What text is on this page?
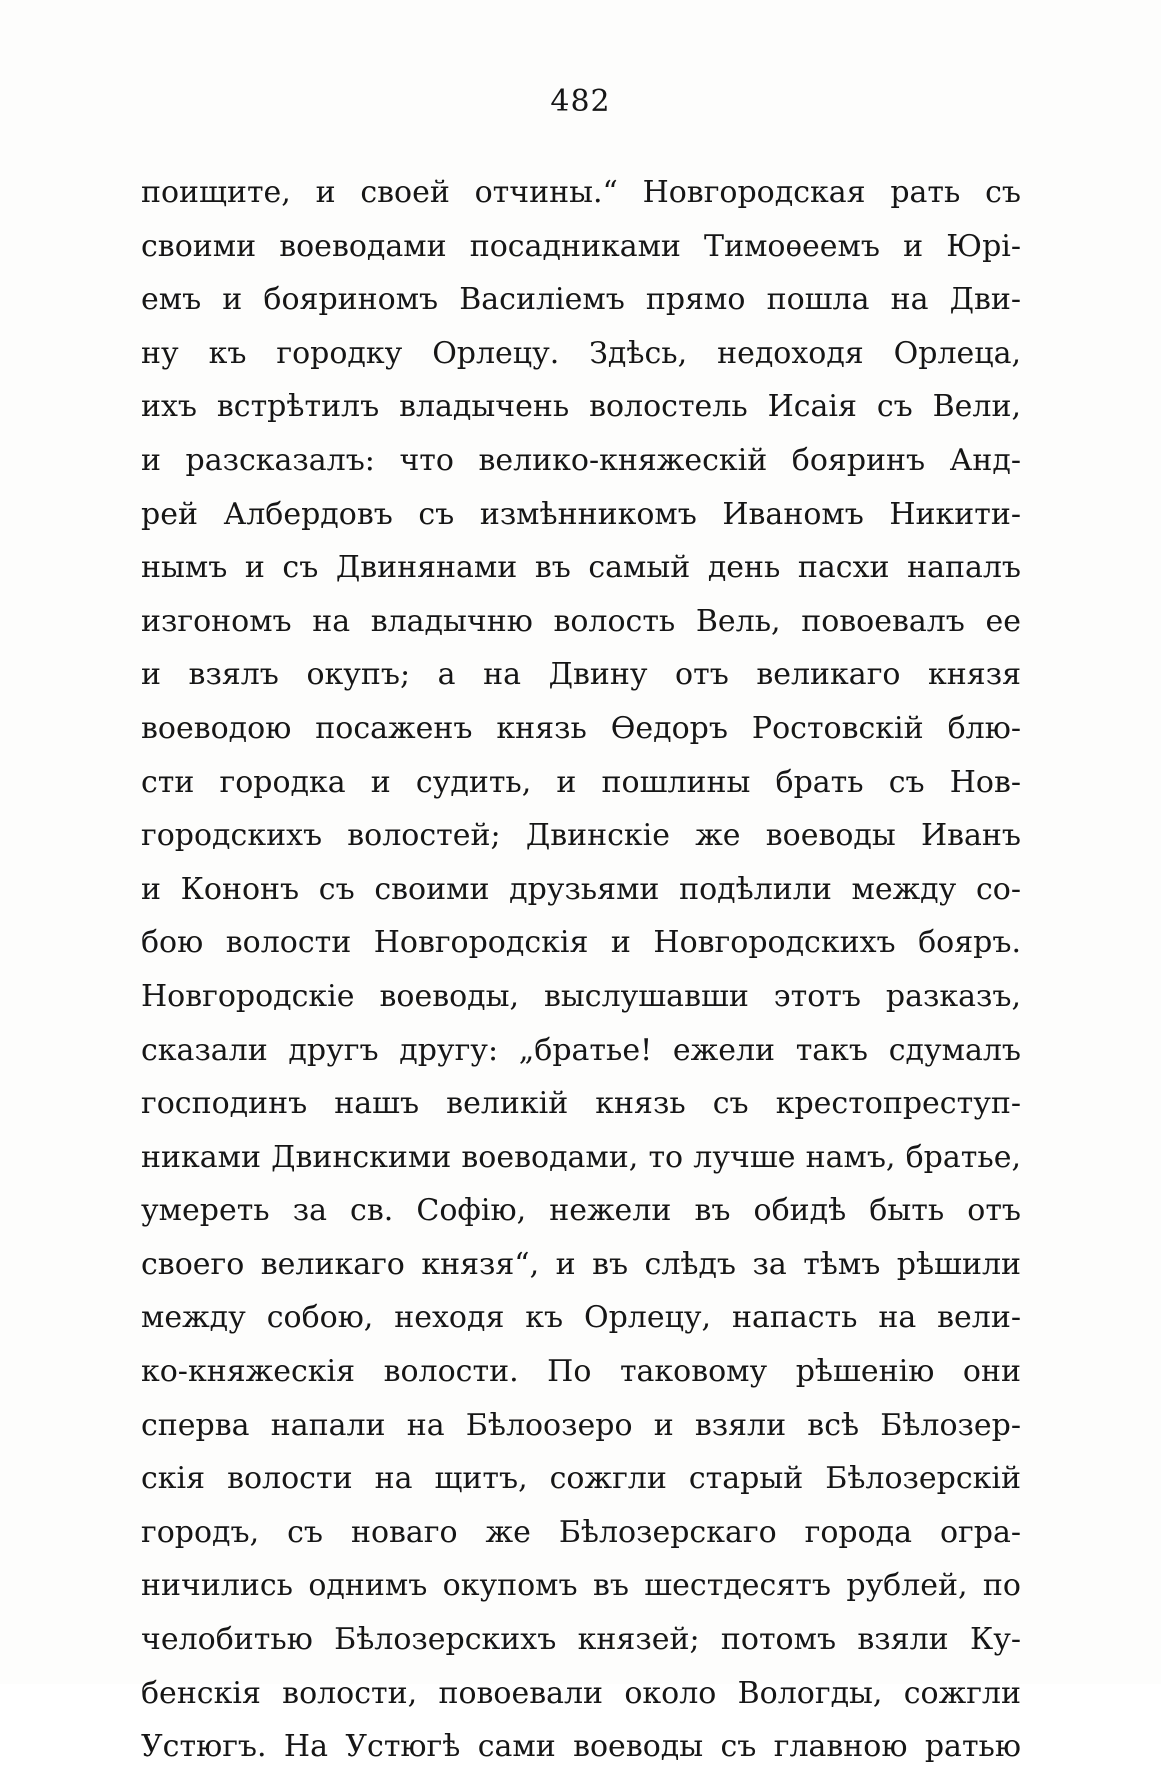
482
поищите, и своей отчины.“ Новгородская рать съ
своими воеводами посадниками Тимоѳеемъ и Юрі-
емъ и бояриномъ Василіемъ прямо пошла на Дви-
ну къ городку Орлецу. Здѣсь, недоходя Орлеца,
ихъ встрѣтилъ владычень волостель Исаія съ Вели,
и разсказалъ: что велико-княжескій бояринъ Анд-
рей Албердовъ съ измѣнникомъ Иваномъ Никити-
нымъ и съ Двинянами въ самый день пасхи напалъ
изгономъ на владычню волость Вель, повоевалъ ее
и взялъ окупъ; а на Двину отъ великаго князя
воеводою посаженъ князь Ѳедоръ Ростовскій блю-
сти городка и судить, и пошлины брать съ Нов-
городскихъ волостей; Двинскіе же воеводы Иванъ
и Кононъ съ своими друзьями подѣлили между со-
бою волости Новгородскія и Новгородскихъ бояръ.
Новгородскіе воеводы, выслушавши этотъ разказъ,
сказали другъ другу: „братье! ежели такъ сдумалъ
господинъ нашъ великій князь съ крестопреступ-
никами Двинскими воеводами, то лучше намъ, братье,
умереть за св. Софію, нежели въ обидѣ быть отъ
своего великаго князя“, и въ слѣдъ за тѣмъ рѣшили
между собою, неходя къ Орлецу, напасть на вели-
ко-княжескія волости. По таковому рѣшенію они
сперва напали на Бѣлоозеро и взяли всѣ Бѣлозер-
скія волости на щитъ, сожгли старый Бѣлозерскій
городъ, съ новаго же Бѣлозерскаго города огра-
ничились однимъ окупомъ въ шестдесятъ рублей, по
челобитью Бѣлозерскихъ князей; потомъ взяли Ку-
бенскія волости, повоевали около Вологды, сожгли
Устюгъ. На Устюгѣ сами воеводы съ главною ратью
